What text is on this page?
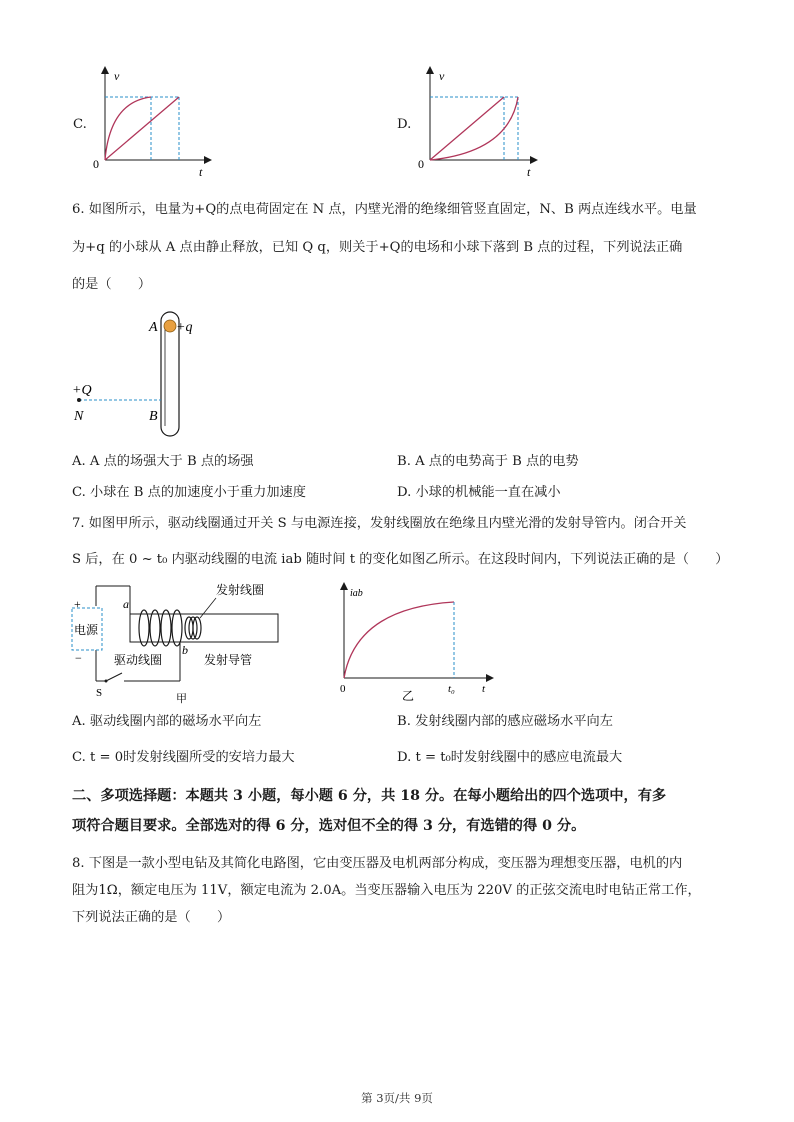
C.
v
t
0
D.
v
t
0
6. 如图所示，电量为+Q的点电荷固定在 N 点，内壁光滑的绝缘细管竖直固定，N、B 两点连线水平。电量
为+q 的小球从 A 点由静止释放，已知 Q q，则关于+Q的电场和小球下落到 B 点的过程，下列说法正确
的是（　　）
A +q
+Q
N	B
A. A 点的场强大于 B 点的场强	B. A 点的电势高于 B 点的电势
C. 小球在 B 点的加速度小于重力加速度	D. 小球的机械能一直在减小
7. 如图甲所示，驱动线圈通过开关 S 与电源连接，发射线圈放在绝缘且内壁光滑的发射导管内。闭合开关
S 后，在 0 ~ t₀ 内驱动线圈的电流 iab 随时间 t 的变化如图乙所示。在这段时间内，下列说法正确的是（　　）
电源
+
−
a
b
发射线圈
驱动线圈	发射导管
S	甲
iab
0	t₀ t
乙
A. 驱动线圈内部的磁场水平向左	B. 发射线圈内部的感应磁场水平向左
C. t = 0时发射线圈所受的安培力最大	D. t = t₀时发射线圈中的感应电流最大
二、多项选择题：本题共 3 小题，每小题 6 分，共 18 分。在每小题给出的四个选项中，有多
项符合题目要求。全部选对的得 6 分，选对但不全的得 3 分，有选错的得 0 分。
8. 下图是一款小型电钻及其简化电路图，它由变压器及电机两部分构成，变压器为理想变压器，电机的内
阻为1Ω，额定电压为 11V，额定电流为 2.0A。当变压器输入电压为 220V 的正弦交流电时电钻正常工作，
下列说法正确的是（　　）
第 3页/共 9页
